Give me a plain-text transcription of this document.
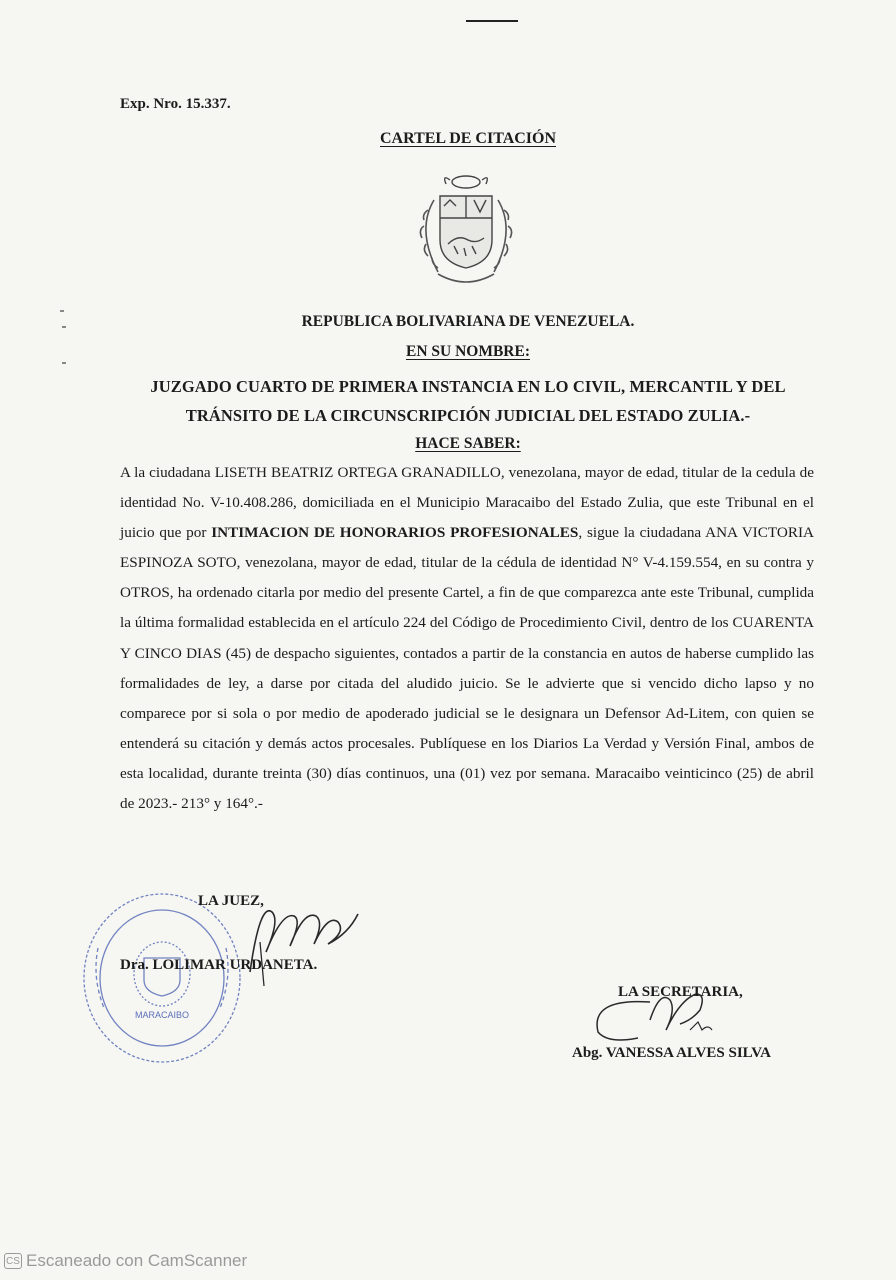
Exp. Nro. 15.337.
CARTEL DE CITACIÓN
REPUBLICA BOLIVARIANA DE VENEZUELA.
EN SU NOMBRE:
JUZGADO CUARTO DE PRIMERA INSTANCIA EN LO CIVIL, MERCANTIL Y DEL
TRÁNSITO DE LA CIRCUNSCRIPCIÓN JUDICIAL DEL ESTADO ZULIA.-
HACE SABER:
A la ciudadana LISETH BEATRIZ ORTEGA GRANADILLO, venezolana, mayor de edad, titular de la cedula de identidad No. V-10.408.286, domiciliada en el Municipio Maracaibo del Estado Zulia, que este Tribunal en el juicio que por INTIMACION DE HONORARIOS PROFESIONALES, sigue la ciudadana ANA VICTORIA ESPINOZA SOTO, venezolana, mayor de edad, titular de la cédula de identidad N° V-4.159.554, en su contra y OTROS, ha ordenado citarla por medio del presente Cartel, a fin de que comparezca ante este Tribunal, cumplida la última formalidad establecida en el artículo 224 del Código de Procedimiento Civil, dentro de los CUARENTA Y CINCO DIAS (45) de despacho siguientes, contados a partir de la constancia en autos de haberse cumplido las formalidades de ley, a darse por citada del aludido juicio. Se le advierte que si vencido dicho lapso y no comparece por si sola o por medio de apoderado judicial se le designara un Defensor Ad-Litem, con quien se entenderá su citación y demás actos procesales. Publíquese en los Diarios La Verdad y Versión Final, ambos de esta localidad, durante treinta (30) días continuos, una (01) vez por semana. Maracaibo veinticinco (25) de abril de 2023.- 213° y 164°.-
MARACAIBO
LA JUEZ,
Dra. LOLIMAR URDANETA.
LA SECRETARIA,
Abg. VANESSA ALVES SILVA
CS Escaneado con CamScanner
